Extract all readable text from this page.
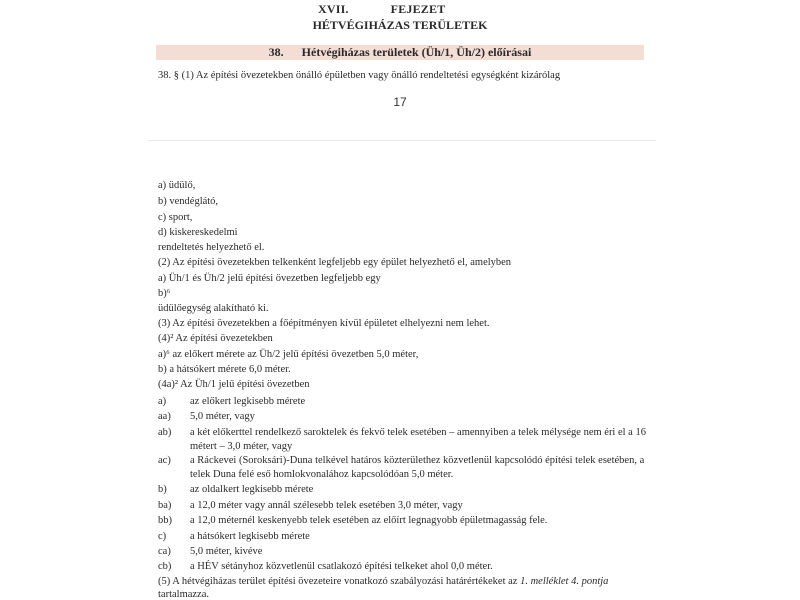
XVII.	FEJEZET
HÉTVÉGIHÁZAS TERÜLETEK
38. Hétvégiházas területek (Üh/1, Üh/2) előírásai
38. § (1) Az építési övezetekben önálló épületben vagy önálló rendeltetési egységként kizárólag
17
a) üdülő,
b) vendéglátó,
c) sport,
d) kiskereskedelmi
rendeltetés helyezhető el.
(2) Az építési övezetekben telkenként legfeljebb egy épület helyezhető el, amelyben
a) Üh/1 és Üh/2 jelű építési övezetben legfeljebb egy
b)⁶
üdülőegység alakítható ki.
(3) Az építési övezetekben a főépítményen kívül épületet elhelyezni nem lehet.
(4)² Az építési övezetekben
a)⁶ az előkert mérete az Üh/2 jelű építési övezetben 5,0 méter,
b) a hátsókert mérete 6,0 méter.
(4a)² Az Üh/1 jelű építési övezetben
a) az előkert legkisebb mérete
aa) 5,0 méter, vagy
ab) a két előkerttel rendelkező saroktelek és fekvő telek esetében – amennyiben a telek mélysége nem éri el a 16
métert – 3,0 méter, vagy
ac) a Ráckevei (Soroksári)-Duna telkével határos közterülethez közvetlenül kapcsolódó építési telek esetében, a
telek Duna felé eső homlokvonalához kapcsolódóan 5,0 méter.
b) az oldalkert legkisebb mérete
ba) a 12,0 méter vagy annál szélesebb telek esetében 3,0 méter, vagy
bb) a 12,0 méternél keskenyebb telek esetében az előírt legnagyobb épületmagasság fele.
c) a hátsókert legkisebb mérete
ca) 5,0 méter, kivéve
cb) a HÉV sétányhoz közvetlenül csatlakozó építési telkeket ahol 0,0 méter.
(5) A hétvégiházas terület építési övezeteire vonatkozó szabályozási határértékeket az 1. melléklet 4. pontja
tartalmazza.
